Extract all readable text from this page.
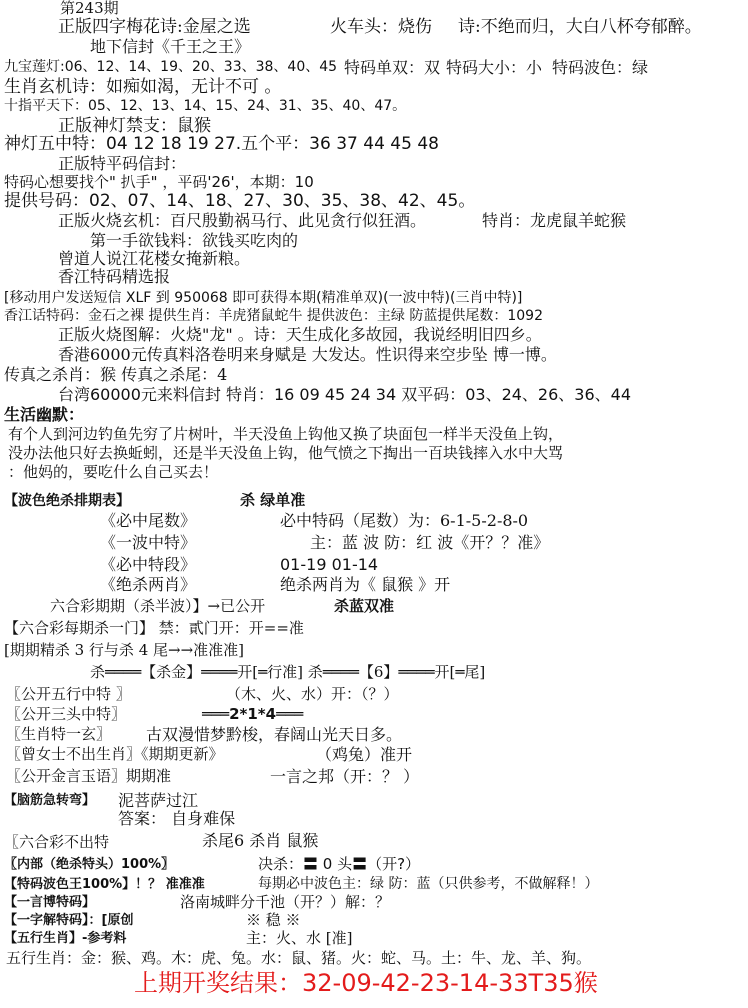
第243期
正版四字梅花诗:金屋之选	火车头：烧伤 诗:不绝而归，大白八杯夸郁醉。
地下信封《千王之王》
九宝莲灯:06、12、14、19、20、33、38、40、45 特码单双：双 特码大小：小 特码波色：绿
生肖玄机诗：如痴如渴，无计不可 。
十指平天下：05、12、13、14、15、24、31、35、40、47。
正版神灯禁支：鼠猴
神灯五中特：04 12 18 19 27.五个平：36 37 44 45 48
正版特平码信封：
特码心想要找个" 扒手" ，平码'26'，本期：10
提供号码：02、07、14、18、27、30、35、38、42、45。
正版火烧玄机：百尺殷勤祸马行、此见贪行似狂酒。	特肖：龙虎鼠羊蛇猴
第一手欲钱料：欲钱买吃肉的
曾道人说江花楼女掩新粮。
香江特码精选报
[移动用户发送短信 XLF 到 950068 即可获得本期(精准单双)(一波中特)(三肖中特)]
香江话特码：金石之裸 提供生肖：羊虎猪鼠蛇牛 提供波色：主绿 防蓝提供尾数：1092
正版火烧图解：火烧"龙" 。诗：天生成化多故园，我说经明旧四乡。
香港6000元传真料洛卷明来身赋是 大发达。性识得来空步坠 博一博。
传真之杀肖：猴 传真之杀尾：4
台湾60000元来料信封 特肖：16 09 45 24 34 双平码：03、24、26、36、44
生活幽默：
有个人到河边钓鱼先穷了片树叶，半天没鱼上钩他又换了块面包一样半天没鱼上钩，
没办法他只好去换蚯蚓，还是半天没鱼上钩，他气愤之下掏出一百块钱摔入水中大骂
：他妈的，要吃什么自己买去！
【波色绝杀排期表】	杀 绿单准
《必中尾数》	必中特码（尾数）为：6-1-5-2-8-0
《一波中特》	主：蓝 波 防：红 波《开？？准》
《必中特段》	01-19 01-14
《绝杀两肖》	绝杀两肖为《 鼠猴 》开
六合彩期期（杀半波）】→已公开	杀蓝双准
【六合彩每期杀一门】 禁：貳门开：开==准
[期期精杀 3 行与杀 4 尾→→准准准]
杀════【杀金】════开[═行准] 杀════【6】════开[═尾]
〖公开五行中特 〗	（木、火、水）开：（？）
〖公开三头中特〗	═══2*1*4═══
〖生肖特一玄〗 古双漫惜梦黔梭，春阔山光天日多。
〖曾女士不出生肖〗《期期更新》	（鸡兔）准开
〖公开金言玉语〗期期准	一言之邦（开：？ ）
【脑筋急转弯】 泥菩萨过江
答案： 自身难保
〖六合彩不出特	杀尾6 杀肖 鼠猴
〖内部（绝杀特头）100%〗	决杀：〓 0 头〓（开?）
【特码波色王100%】！？ 准准准	每期必中波色主：绿 防：蓝（只供参考，不做解释！）
【一言博特码】	洛南城畔分千池（开？）解：？
【一字解特码】：[原创	※ 稳 ※
【五行生肖】-参考料	主：火、水 [准]
五行生肖：金：猴、鸡。木：虎、兔。水：鼠、猪。火：蛇、马。土：牛、龙、羊、狗。
上期开奖结果：32-09-42-23-14-33T35猴
